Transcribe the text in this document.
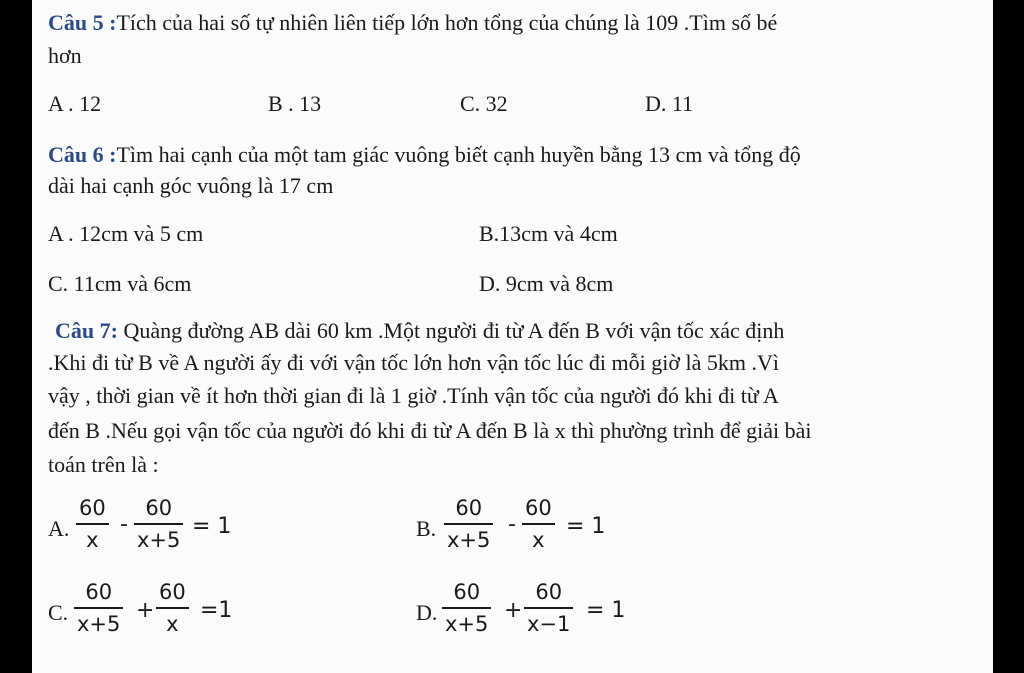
Câu 5 :Tích của hai số tự nhiên liên tiếp lớn hơn tổng của chúng là 109 .Tìm số bé
hơn
A . 12	B . 13	C. 32	D. 11
Câu 6 :Tìm hai cạnh của một tam giác vuông biết cạnh huyền bằng 13 cm và tổng độ
dài hai cạnh góc vuông là 17 cm
A . 12cm và 5 cm	B.13cm và 4cm
C. 11cm và 6cm	D. 9cm và 8cm
Câu 7: Quàng đường AB dài 60 km .Một người đi từ A đến B với vận tốc xác định
.Khi đi từ B về A người ấy đi với vận tốc lớn hơn vận tốc lúc đi mỗi giờ là 5km .Vì
vậy , thời gian về ít hơn thời gian đi là 1 giờ .Tính vận tốc của người đó khi đi từ A
đến B .Nếu gọi vận tốc của người đó khi đi từ A đến B là x thì phường trình để giải bài
toán trên là :
A. $\frac{60}{x} - \frac{60}{x+5} = 1$	B. $\frac{60}{x+5} - \frac{60}{x} = 1$
C. $\frac{60}{x+5} + \frac{60}{x} =1$	D. $\frac{60}{x+5} + \frac{60}{x-1} = 1$
